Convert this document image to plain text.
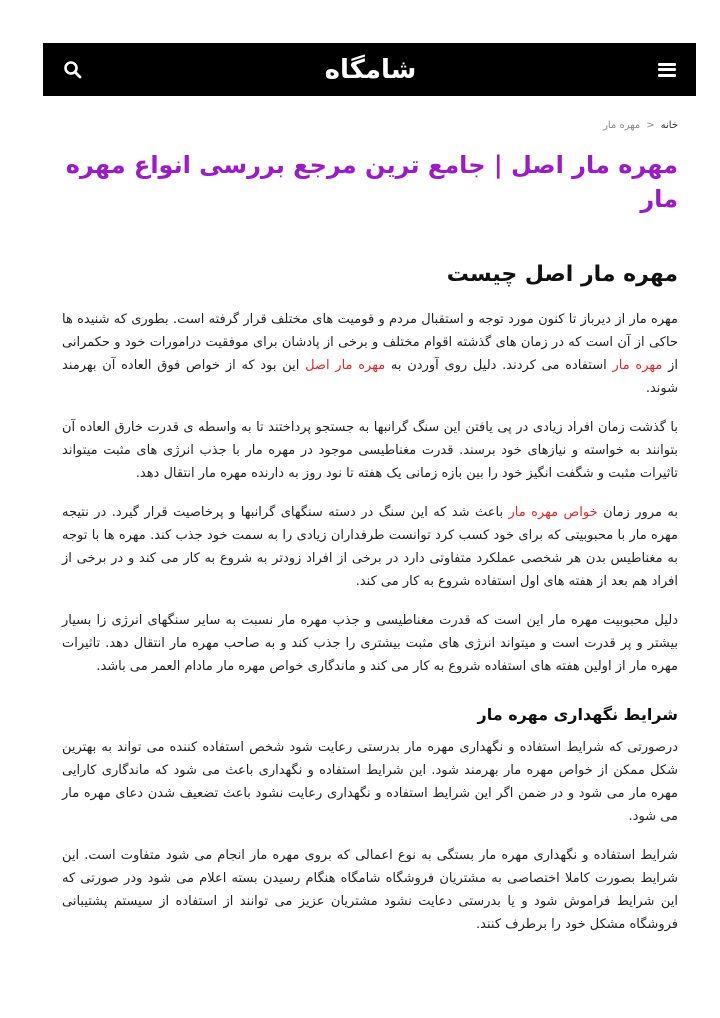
شامگاه
خانه
<
مهره مار
مهره مار اصل | جامع ترین مرجع بررسی انواع مهره مار
مهره مار اصل چیست

مهره مار از دیرباز تا کنون مورد توجه و استقبال مردم و قومیت های مختلف قرار گرفته است. بطوری که شنیده ها حاکی از آن است که در زمان های گذشته اقوام مختلف و برخی از پادشان برای موفقیت درامورات خود و حکمرانی از مهره مار استفاده می کردند. دلیل روی آوردن به مهره مار اصل این بود که از خواص فوق العاده آن بهرمند شوند.

با گذشت زمان افراد زیادی در پی یافتن این سنگ گرانبها به جستجو پرداختند تا به واسطه ی قدرت خارق العاده آن بتوانند به خواسته و نیازهای خود برسند. قدرت مغناطیسی موجود در مهره مار با جذب انرژی های مثبت میتواند تاثیرات مثبت و شگفت انگیز خود را بین بازه زمانی یک هفته تا نود روز به دارنده مهره مار انتقال دهد.

به مرور زمان خواص مهره مار باعث شد که این سنگ در دسته سنگهای گرانبها و پرخاصیت قرار گیرد. در نتیجه مهره مار با محبوبیتی که برای خود کسب کرد توانست طرفداران زیادی را به سمت خود جذب کند. مهره ها با توجه به مغناطیس بدن هر شخصی عملکرد متفاوتی دارد در برخی از افراد زودتر به شروع به کار می کند و در برخی از افراد هم بعد از هفته های اول استفاده شروع به کار می کند.

دلیل محبوبیت مهره مار این است که قدرت مغناطیسی و جذب مهره مار نسبت به سایر سنگهای انرژی زا بسیار بیشتر و پر قدرت است و میتواند انرژی های مثبت بیشتری را جذب کند و به صاحب مهره مار انتقال دهد. تاثیرات مهره مار از اولین هفته های استفاده شروع به کار می کند و ماندگاری خواص مهره مار مادام العمر می باشد.

شرایط نگهداری مهره مار

درصورتی که شرایط استفاده و نگهداری مهره مار بدرستی رعایت شود شخص استفاده کننده می تواند به بهترین شکل ممکن از خواص مهره مار بهرمند شود. این شرایط استفاده و نگهداری باعث می شود که ماندگاری کارایی مهره مار می شود و در ضمن اگر این شرایط استفاده و نگهداری رعایت نشود باعث تضعیف شدن دعای مهره مار می شود.

شرایط استفاده و نگهداری مهره مار بستگی به نوع اعمالی که بروی مهره مار انجام می شود متفاوت است. این شرایط بصورت کاملا اختصاصی به مشتریان فروشگاه شامگاه هنگام رسیدن بسته اعلام می شود ودر صورتی که این شرایط فراموش شود و یا بدرستی دعایت نشود مشتریان عزیز می توانند از استفاده از سیستم پشتیبانی فروشگاه مشکل خود را برطرف کنند.
